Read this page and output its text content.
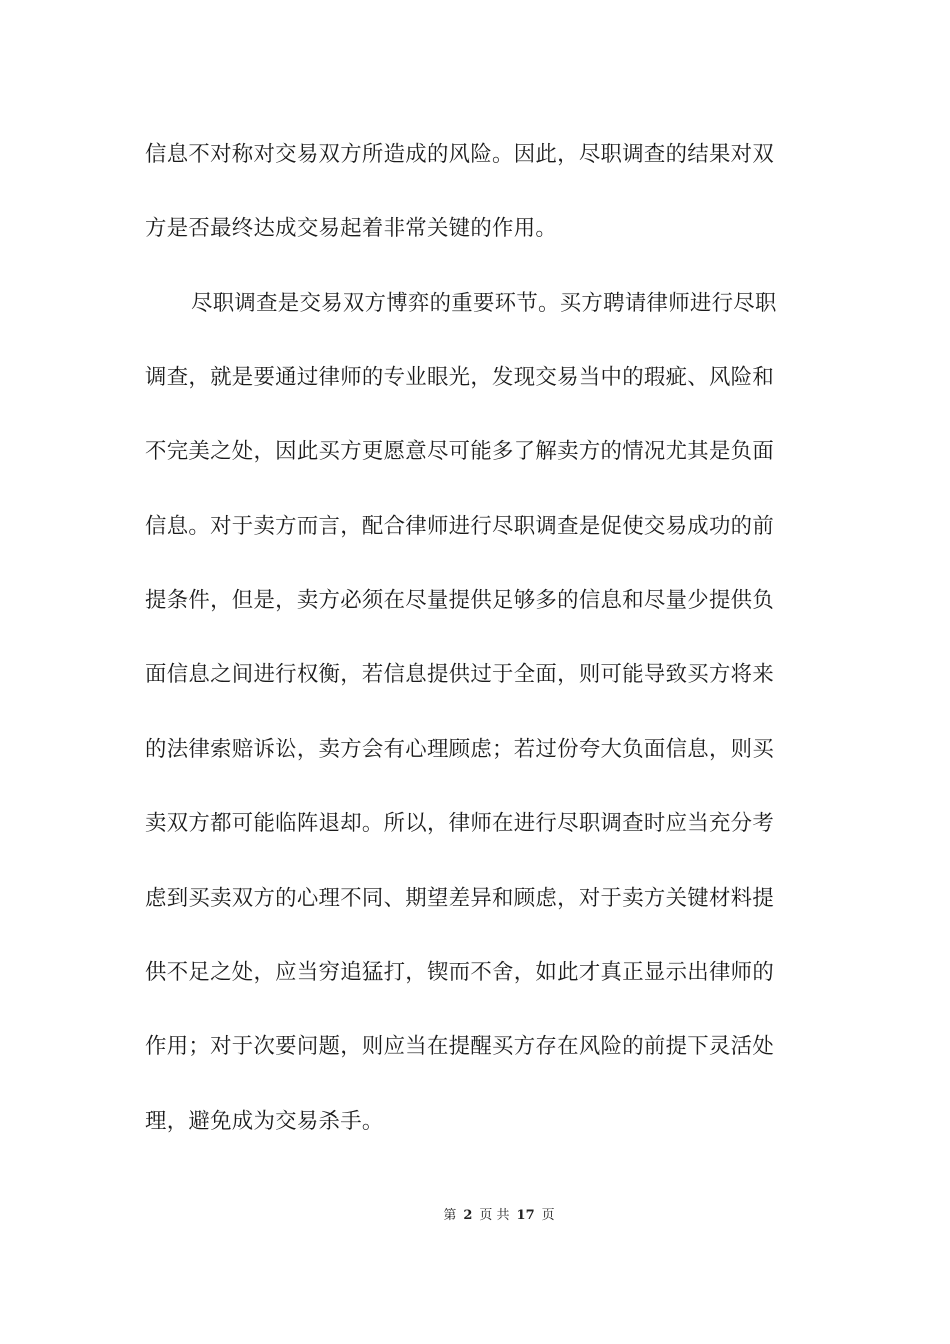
信息不对称对交易双方所造成的风险。因此，尽职调查的结果对双
方是否最终达成交易起着非常关键的作用。
尽职调查是交易双方博弈的重要环节。买方聘请律师进行尽职
调查，就是要通过律师的专业眼光，发现交易当中的瑕疵、风险和
不完美之处，因此买方更愿意尽可能多了解卖方的情况尤其是负面
信息。对于卖方而言，配合律师进行尽职调查是促使交易成功的前
提条件，但是，卖方必须在尽量提供足够多的信息和尽量少提供负
面信息之间进行权衡，若信息提供过于全面，则可能导致买方将来
的法律索赔诉讼，卖方会有心理顾虑；若过份夸大负面信息，则买
卖双方都可能临阵退却。所以，律师在进行尽职调查时应当充分考
虑到买卖双方的心理不同、期望差异和顾虑，对于卖方关键材料提
供不足之处，应当穷追猛打，锲而不舍，如此才真正显示出律师的
作用；对于次要问题，则应当在提醒买方存在风险的前提下灵活处
理，避免成为交易杀手。
第 2 页 共 17 页
